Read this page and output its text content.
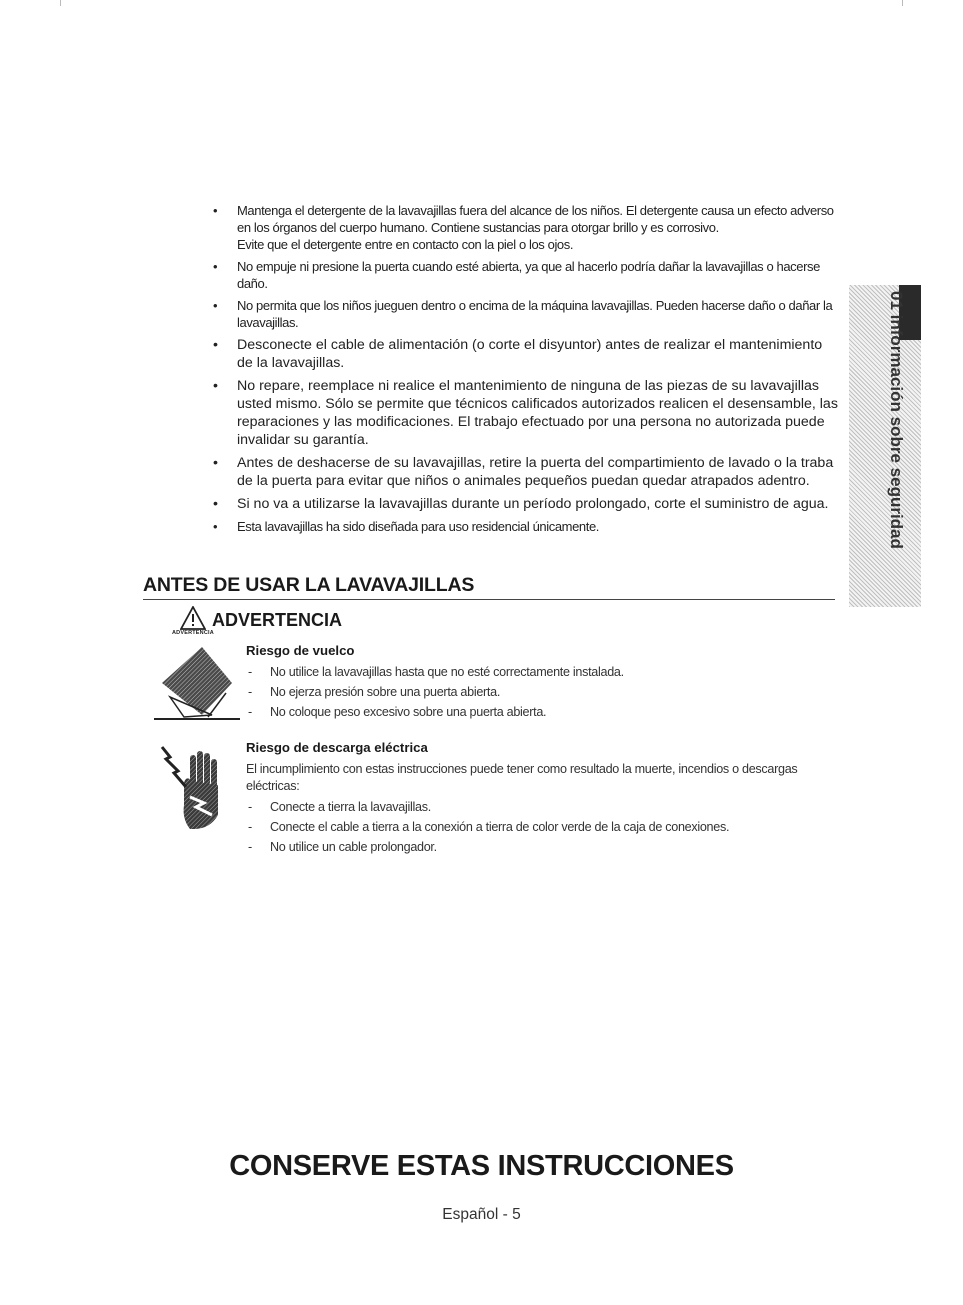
• Mantenga el detergente de la lavavajillas fuera del alcance de los niños. El detergente causa un efecto adverso en los órganos del cuerpo humano. Contiene sustancias para otorgar brillo y es corrosivo.
Evite que el detergente entre en contacto con la piel o los ojos.
• No empuje ni presione la puerta cuando esté abierta, ya que al hacerlo podría dañar la lavavajillas o hacerse daño.
• No permita que los niños jueguen dentro o encima de la máquina lavavajillas. Pueden hacerse daño o dañar la lavavajillas.
• Desconecte el cable de alimentación (o corte el disyuntor) antes de realizar el mantenimiento de la lavavajillas.
• No repare, reemplace ni realice el mantenimiento de ninguna de las piezas de su lavavajillas usted mismo. Sólo se permite que técnicos calificados autorizados realicen el desensamble, las reparaciones y las modificaciones. El trabajo efectuado por una persona no autorizada puede invalidar su garantía.
• Antes de deshacerse de su lavavajillas, retire la puerta del compartimiento de lavado o la traba de la puerta para evitar que niños o animales pequeños puedan quedar atrapados adentro.
• Si no va a utilizarse la lavavajillas durante un período prolongado, corte el suministro de agua.
• Esta lavavajillas ha sido diseñada para uso residencial únicamente.
ANTES DE USAR LA LAVAVAJILLAS
ADVERTENCIA
ADVERTENCIA
Riesgo de vuelco
- No utilice la lavavajillas hasta que no esté correctamente instalada.
- No ejerza presión sobre una puerta abierta.
- No coloque peso excesivo sobre una puerta abierta.
Riesgo de descarga eléctrica
El incumplimiento con estas instrucciones puede tener como resultado la muerte, incendios o descargas eléctricas:
- Conecte a tierra la lavavajillas.
- Conecte el cable a tierra a la conexión a tierra de color verde de la caja de conexiones.
- No utilice un cable prolongador.
01 información sobre seguridad
CONSERVE ESTAS INSTRUCCIONES
Español - 5
